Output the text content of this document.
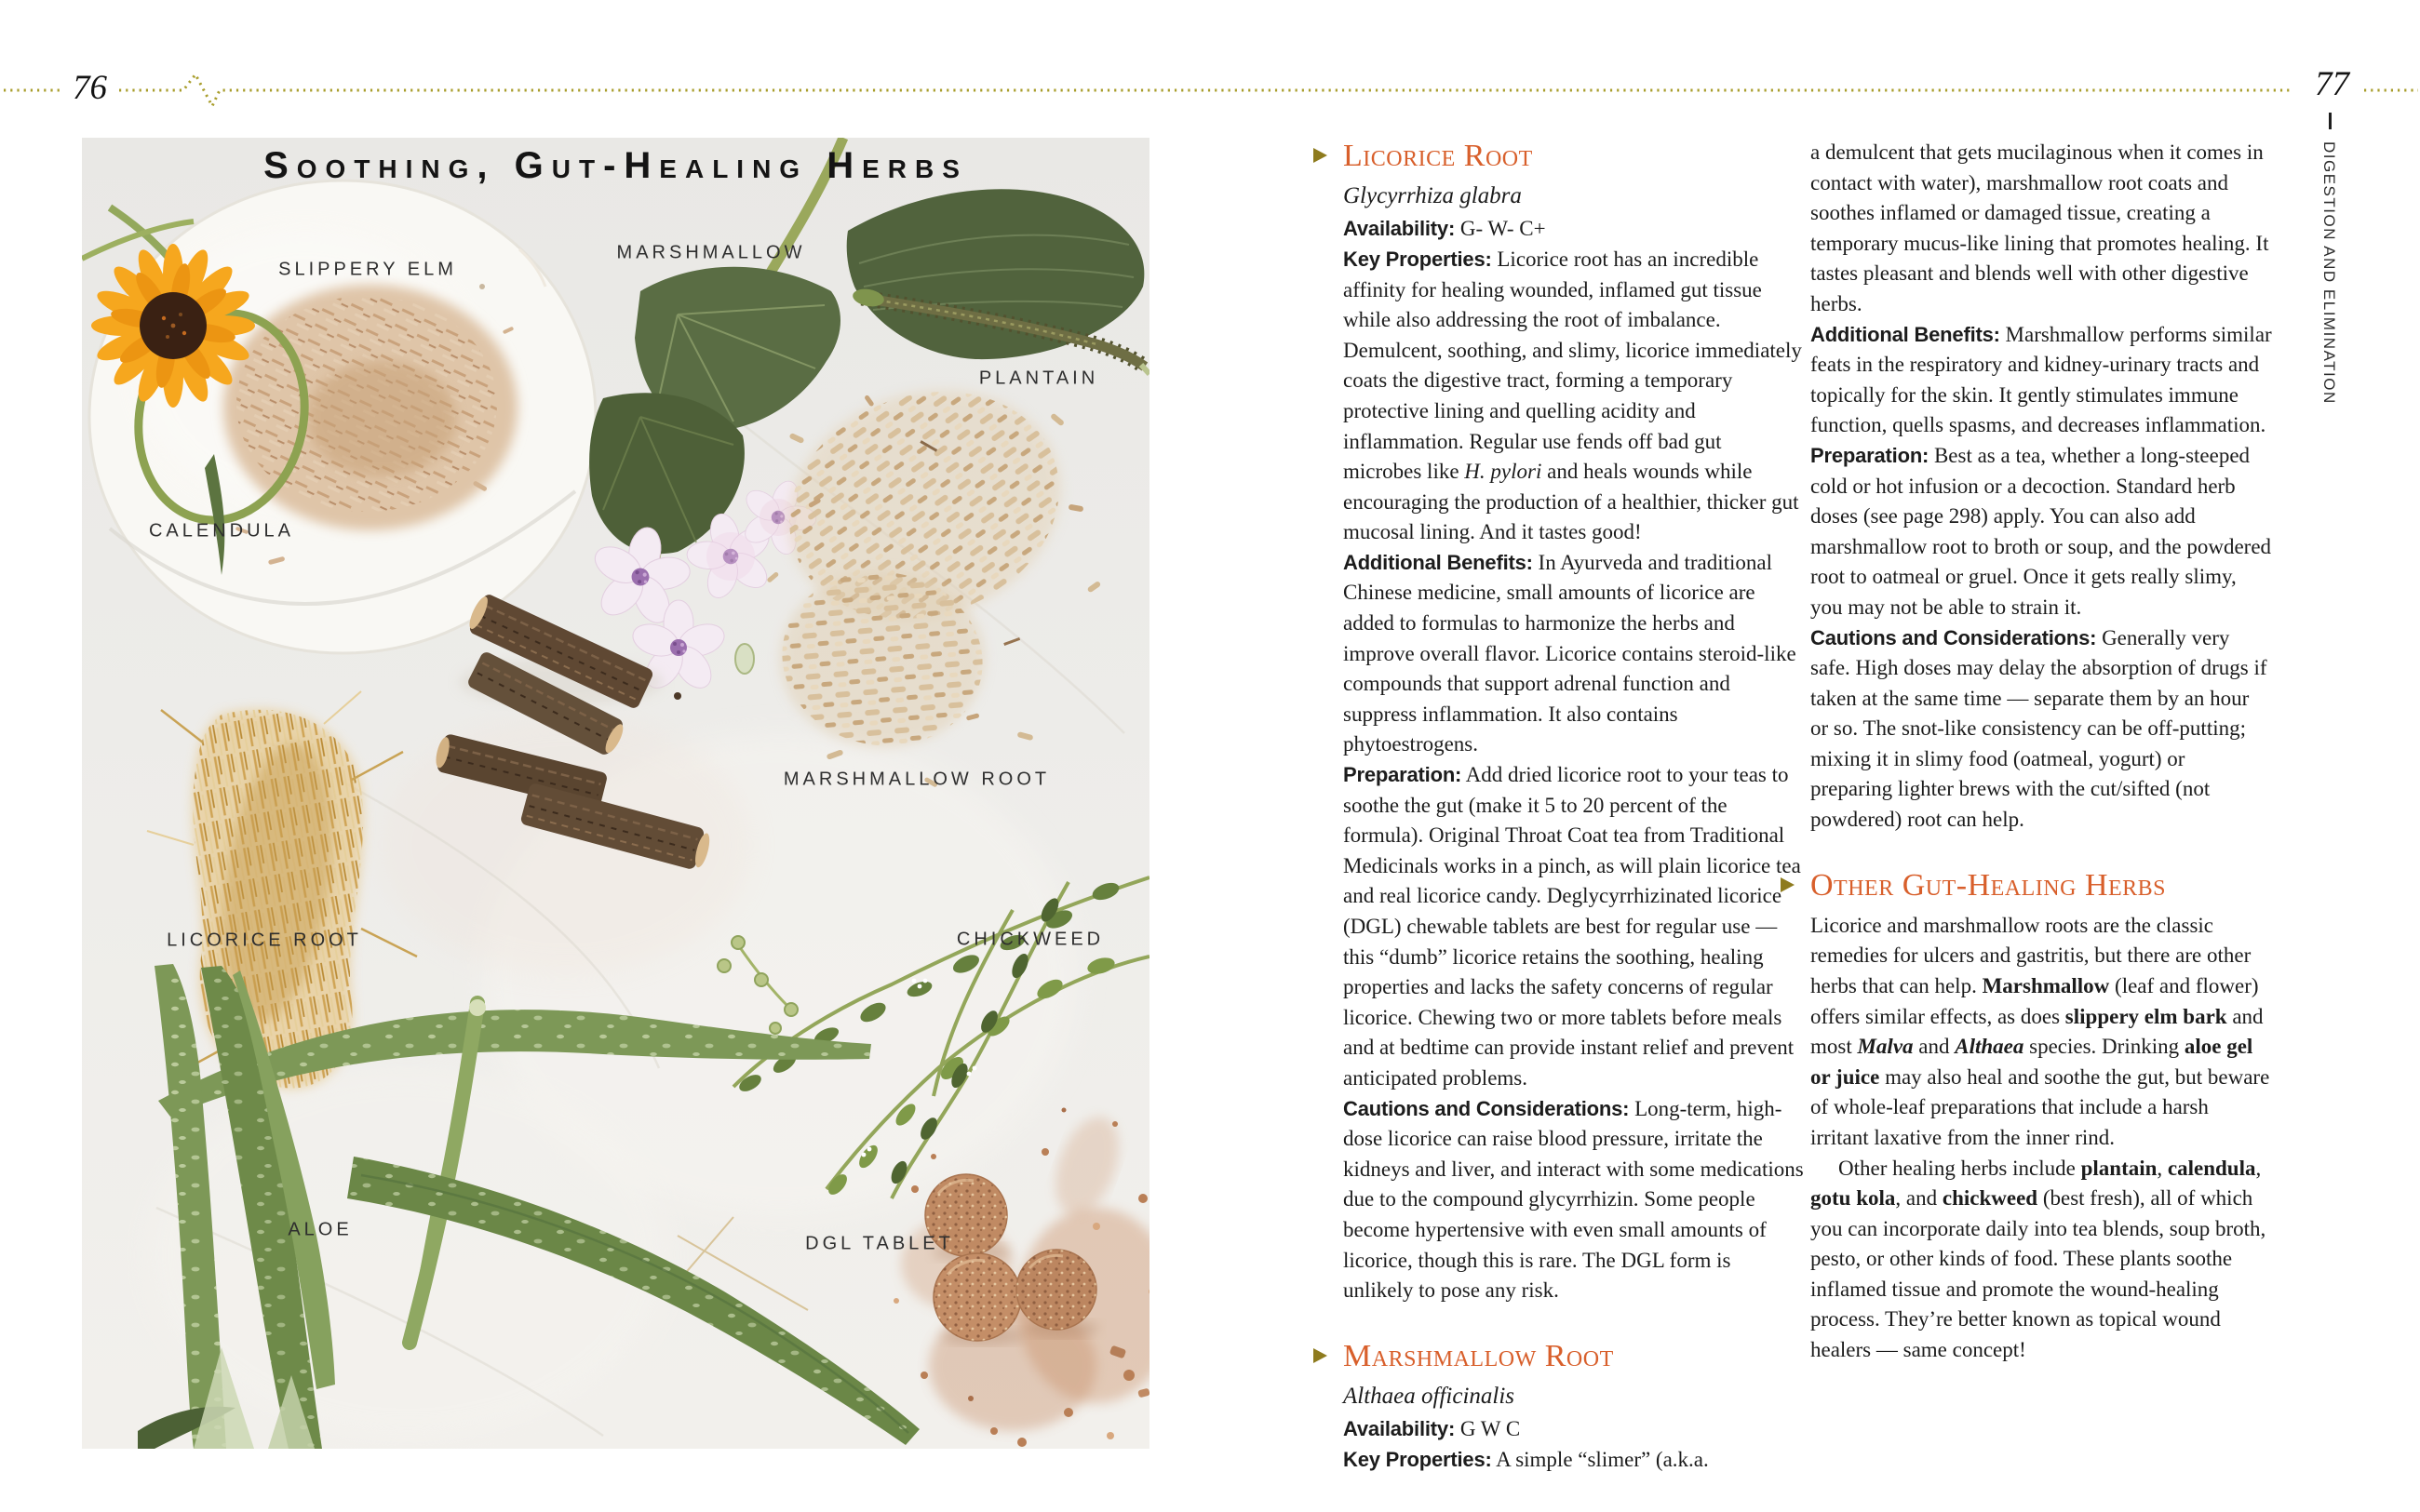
76	77
DIGESTION AND ELIMINATION
Soothing, Gut-Healing Herbs
SLIPPERY ELM
MARSHMALLOW
PLANTAIN
CALENDULA
MARSHMALLOW ROOT
LICORICE ROOT	CHICKWEED
ALOE
DGL TABLET
Licorice Root

Glycyrrhiza glabra

Availability: G- W- C+

Key Properties: Licorice root has an incredible affinity for healing wounded, inflamed gut tissue while also addressing the root of imbalance. Demulcent, soothing, and slimy, licorice immediately coats the digestive tract, forming a temporary protective lining and quelling acidity and inflammation. Regular use fends off bad gut microbes like H. pylori and heals wounds while encouraging the production of a healthier, thicker gut mucosal lining. And it tastes good!

Additional Benefits: In Ayurveda and traditional Chinese medicine, small amounts of licorice are added to formulas to harmonize the herbs and improve overall flavor. Licorice contains steroid-like compounds that support adrenal function and suppress inflammation. It also contains phytoestrogens.

Preparation: Add dried licorice root to your teas to soothe the gut (make it 5 to 20 percent of the formula). Original Throat Coat tea from Traditional Medicinals works in a pinch, as will plain licorice tea and real licorice candy. Deglycyrrhizinated licorice (DGL) chewable tablets are best for regular use — this “dumb” licorice retains the soothing, healing properties and lacks the safety concerns of regular licorice. Chewing two or more tablets before meals and at bedtime can provide instant relief and prevent anticipated problems.

Cautions and Considerations: Long-term, high-dose licorice can raise blood pressure, irritate the kidneys and liver, and interact with some medications due to the compound glycyrrhizin. Some people become hypertensive with even small amounts of licorice, though this is rare. The DGL form is unlikely to pose any risk.

Marshmallow Root

Althaea officinalis

Availability: G W C

Key Properties: A simple “slimer” (a.k.a.

a demulcent that gets mucilaginous when it comes in contact with water), marshmallow root coats and soothes inflamed or damaged tissue, creating a temporary mucus-like lining that promotes healing. It tastes pleasant and blends well with other digestive herbs.

Additional Benefits: Marshmallow performs similar feats in the respiratory and kidney-urinary tracts and topically for the skin. It gently stimulates immune function, quells spasms, and decreases inflammation.

Preparation: Best as a tea, whether a long-steeped cold or hot infusion or a decoction. Standard herb doses (see page 298) apply. You can also add marshmallow root to broth or soup, and the powdered root to oatmeal or gruel. Once it gets really slimy, you may not be able to strain it.

Cautions and Considerations: Generally very safe. High doses may delay the absorption of drugs if taken at the same time — separate them by an hour or so. The snot-like consistency can be off-putting; mixing it in slimy food (oatmeal, yogurt) or preparing lighter brews with the cut/sifted (not powdered) root can help.

Other Gut-Healing Herbs

Licorice and marshmallow roots are the classic remedies for ulcers and gastritis, but there are other herbs that can help. Marshmallow (leaf and flower) offers similar effects, as does slippery elm bark and most Malva and Althaea species. Drinking aloe gel or juice may also heal and soothe the gut, but beware of whole-leaf preparations that include a harsh irritant laxative from the inner rind.

Other healing herbs include plantain, calendula, gotu kola, and chickweed (best fresh), all of which you can incorporate daily into tea blends, soup broth, pesto, or other kinds of food. These plants soothe inflamed tissue and promote the wound-healing process. They’re better known as topical wound healers — same concept!
